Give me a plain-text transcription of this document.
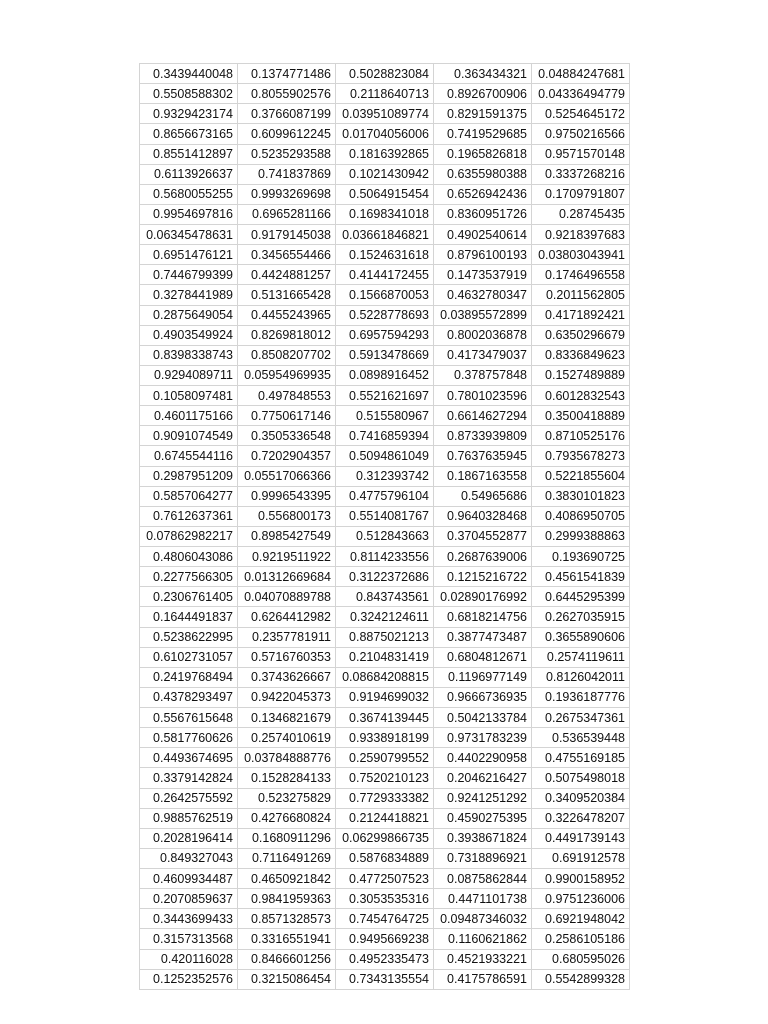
0.3439440048	0.1374771486	0.5028823084	0.363434321	0.04884247681
0.5508588302	0.8055902576	0.2118640713	0.8926700906	0.04336494779
0.9329423174	0.3766087199	0.03951089774	0.8291591375	0.5254645172
0.8656673165	0.6099612245	0.01704056006	0.7419529685	0.9750216566
0.8551412897	0.5235293588	0.1816392865	0.1965826818	0.9571570148
0.6113926637	0.741837869	0.1021430942	0.6355980388	0.3337268216
0.5680055255	0.9993269698	0.5064915454	0.6526942436	0.1709791807
0.9954697816	0.6965281166	0.1698341018	0.8360951726	0.28745435
0.06345478631	0.9179145038	0.03661846821	0.4902540614	0.9218397683
0.6951476121	0.3456554466	0.1524631618	0.8796100193	0.03803043941
0.7446799399	0.4424881257	0.4144172455	0.1473537919	0.1746496558
0.3278441989	0.5131665428	0.1566870053	0.4632780347	0.2011562805
0.2875649054	0.4455243965	0.5228778693	0.03895572899	0.4171892421
0.4903549924	0.8269818012	0.6957594293	0.8002036878	0.6350296679
0.8398338743	0.8508207702	0.5913478669	0.4173479037	0.8336849623
0.9294089711	0.05954969935	0.0898916452	0.378757848	0.1527489889
0.1058097481	0.497848553	0.5521621697	0.7801023596	0.6012832543
0.4601175166	0.7750617146	0.515580967	0.6614627294	0.3500418889
0.9091074549	0.3505336548	0.7416859394	0.8733939809	0.8710525176
0.6745544116	0.7202904357	0.5094861049	0.7637635945	0.7935678273
0.2987951209	0.05517066366	0.312393742	0.1867163558	0.5221855604
0.5857064277	0.9996543395	0.4775796104	0.54965686	0.3830101823
0.7612637361	0.556800173	0.5514081767	0.9640328468	0.4086950705
0.07862982217	0.8985427549	0.512843663	0.3704552877	0.2999388863
0.4806043086	0.9219511922	0.8114233556	0.2687639006	0.193690725
0.2277566305	0.01312669684	0.3122372686	0.1215216722	0.4561541839
0.2306761405	0.04070889788	0.843743561	0.02890176992	0.6445295399
0.1644491837	0.6264412982	0.3242124611	0.6818214756	0.2627035915
0.5238622995	0.2357781911	0.8875021213	0.3877473487	0.3655890606
0.6102731057	0.5716760353	0.2104831419	0.6804812671	0.2574119611
0.2419768494	0.3743626667	0.08684208815	0.1196977149	0.8126042011
0.4378293497	0.9422045373	0.9194699032	0.9666736935	0.1936187776
0.5567615648	0.1346821679	0.3674139445	0.5042133784	0.2675347361
0.5817760626	0.2574010619	0.9338918199	0.9731783239	0.536539448
0.4493674695	0.03784888776	0.2590799552	0.4402290958	0.4755169185
0.3379142824	0.1528284133	0.7520210123	0.2046216427	0.5075498018
0.2642575592	0.523275829	0.7729333382	0.9241251292	0.3409520384
0.9885762519	0.4276680824	0.2124418821	0.4590275395	0.3226478207
0.2028196414	0.1680911296	0.06299866735	0.3938671824	0.4491739143
0.849327043	0.7116491269	0.5876834889	0.7318896921	0.691912578
0.4609934487	0.4650921842	0.4772507523	0.0875862844	0.9900158952
0.2070859637	0.9841959363	0.3053535316	0.4471101738	0.9751236006
0.3443699433	0.8571328573	0.7454764725	0.09487346032	0.6921948042
0.3157313568	0.3316551941	0.9495669238	0.1160621862	0.2586105186
0.420116028	0.8466601256	0.4952335473	0.4521933221	0.680595026
0.1252352576	0.3215086454	0.7343135554	0.4175786591	0.5542899328
